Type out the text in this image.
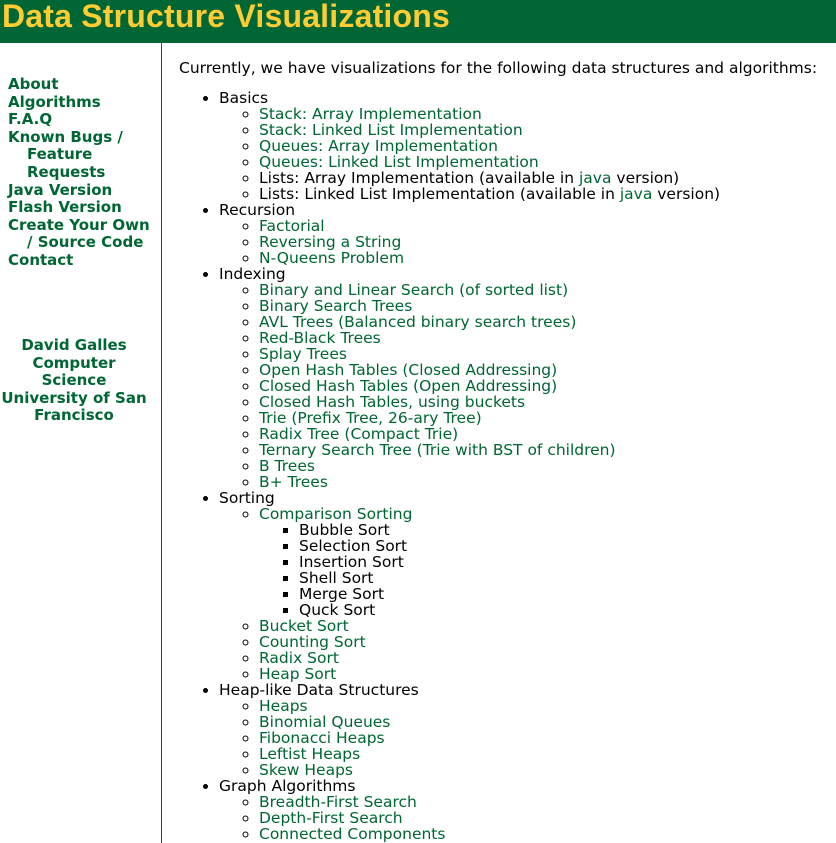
Data Structure Visualizations
About
Algorithms
F.A.Q
Known Bugs / Feature Requests
Java Version
Flash Version
Create Your Own / Source Code
Contact
David Galles
Computer Science
University of San Francisco

Currently, we have visualizations for the following data structures and algorithms:

• Basics
◦ Stack: Array Implementation
◦ Stack: Linked List Implementation
◦ Queues: Array Implementation
◦ Queues: Linked List Implementation
◦ Lists: Array Implementation (available in java version)
◦ Lists: Linked List Implementation (available in java version)
• Recursion
◦ Factorial
◦ Reversing a String
◦ N-Queens Problem
• Indexing
◦ Binary and Linear Search (of sorted list)
◦ Binary Search Trees
◦ AVL Trees (Balanced binary search trees)
◦ Red-Black Trees
◦ Splay Trees
◦ Open Hash Tables (Closed Addressing)
◦ Closed Hash Tables (Open Addressing)
◦ Closed Hash Tables, using buckets
◦ Trie (Prefix Tree, 26-ary Tree)
◦ Radix Tree (Compact Trie)
◦ Ternary Search Tree (Trie with BST of children)
◦ B Trees
◦ B+ Trees
• Sorting
◦ Comparison Sorting
▪ Bubble Sort
▪ Selection Sort
▪ Insertion Sort
▪ Shell Sort
▪ Merge Sort
▪ Quck Sort
◦ Bucket Sort
◦ Counting Sort
◦ Radix Sort
◦ Heap Sort
• Heap-like Data Structures
◦ Heaps
◦ Binomial Queues
◦ Fibonacci Heaps
◦ Leftist Heaps
◦ Skew Heaps
• Graph Algorithms
◦ Breadth-First Search
◦ Depth-First Search
◦ Connected Components
